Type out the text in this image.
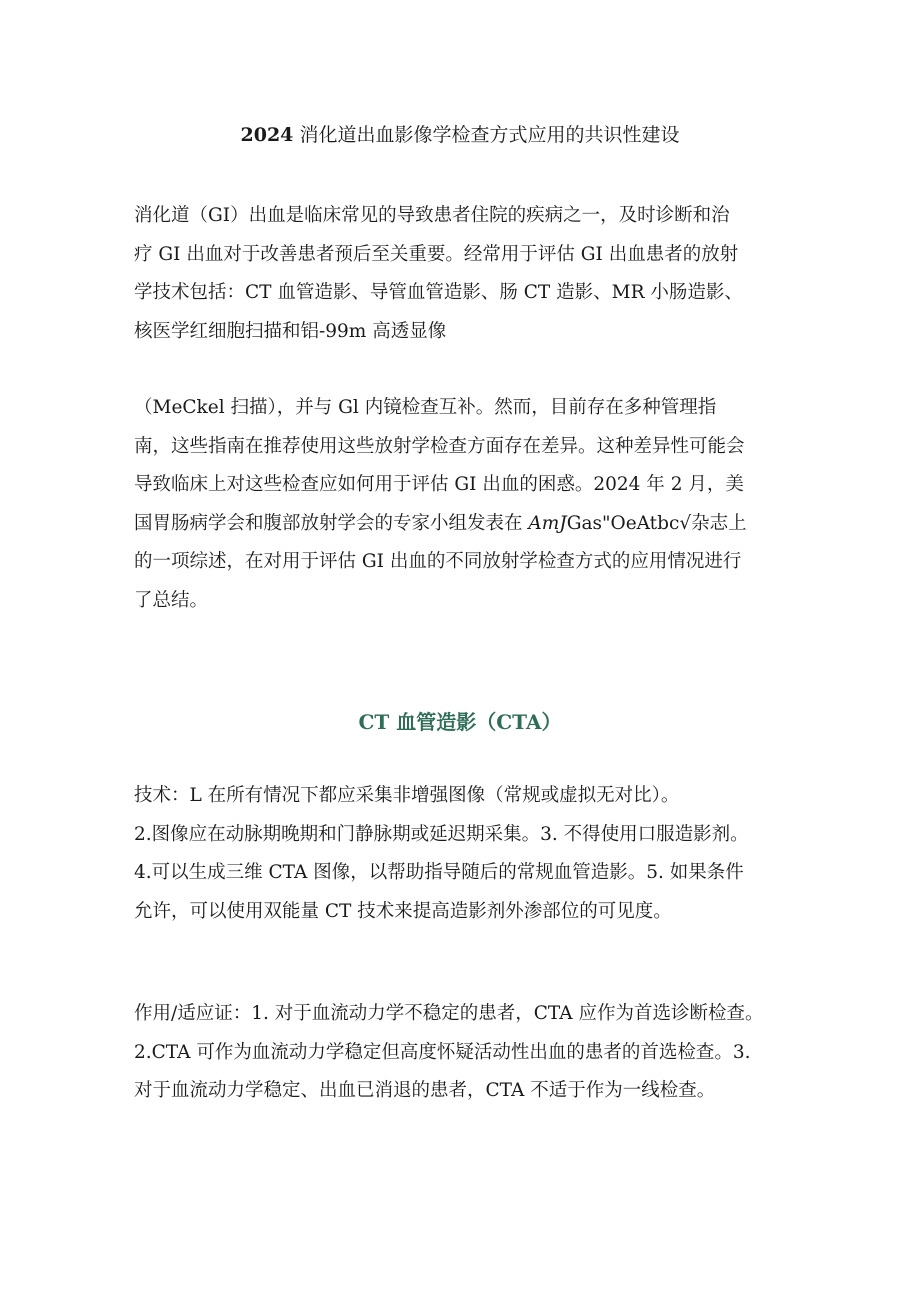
2024 消化道出血影像学检查方式应用的共识性建设

消化道（GI）出血是临床常见的导致患者住院的疾病之一，及时诊断和治
疗 GI 出血对于改善患者预后至关重要。经常用于评估 GI 出血患者的放射
学技术包括：CT 血管造影、导管血管造影、肠 CT 造影、MR 小肠造影、
核医学红细胞扫描和铝-99m 高透显像

（MeCkel 扫描），并与 Gl 内镜检查互补。然而，目前存在多种管理指
南，这些指南在推荐使用这些放射学检查方面存在差异。这种差异性可能会
导致临床上对这些检查应如何用于评估 GI 出血的困惑。2024 年 2 月，美
国胃肠病学会和腹部放射学会的专家小组发表在 AmJGas"OeAtbc√杂志上
的一项综述，在对用于评估 GI 出血的不同放射学检查方式的应用情况进行
了总结。

CT 血管造影（CTA）

技术：L 在所有情况下都应采集非增强图像（常规或虚拟无对比）。
2.图像应在动脉期晚期和门静脉期或延迟期采集。3. 不得使用口服造影剂。
4.可以生成三维 CTA 图像，以帮助指导随后的常规血管造影。5. 如果条件
允许，可以使用双能量 CT 技术来提高造影剂外渗部位的可见度。

作用/适应证：1. 对于血流动力学不稳定的患者，CTA 应作为首选诊断检查。
2.CTA 可作为血流动力学稳定但高度怀疑活动性出血的患者的首选检查。3.
对于血流动力学稳定、出血已消退的患者，CTA 不适于作为一线检查。
